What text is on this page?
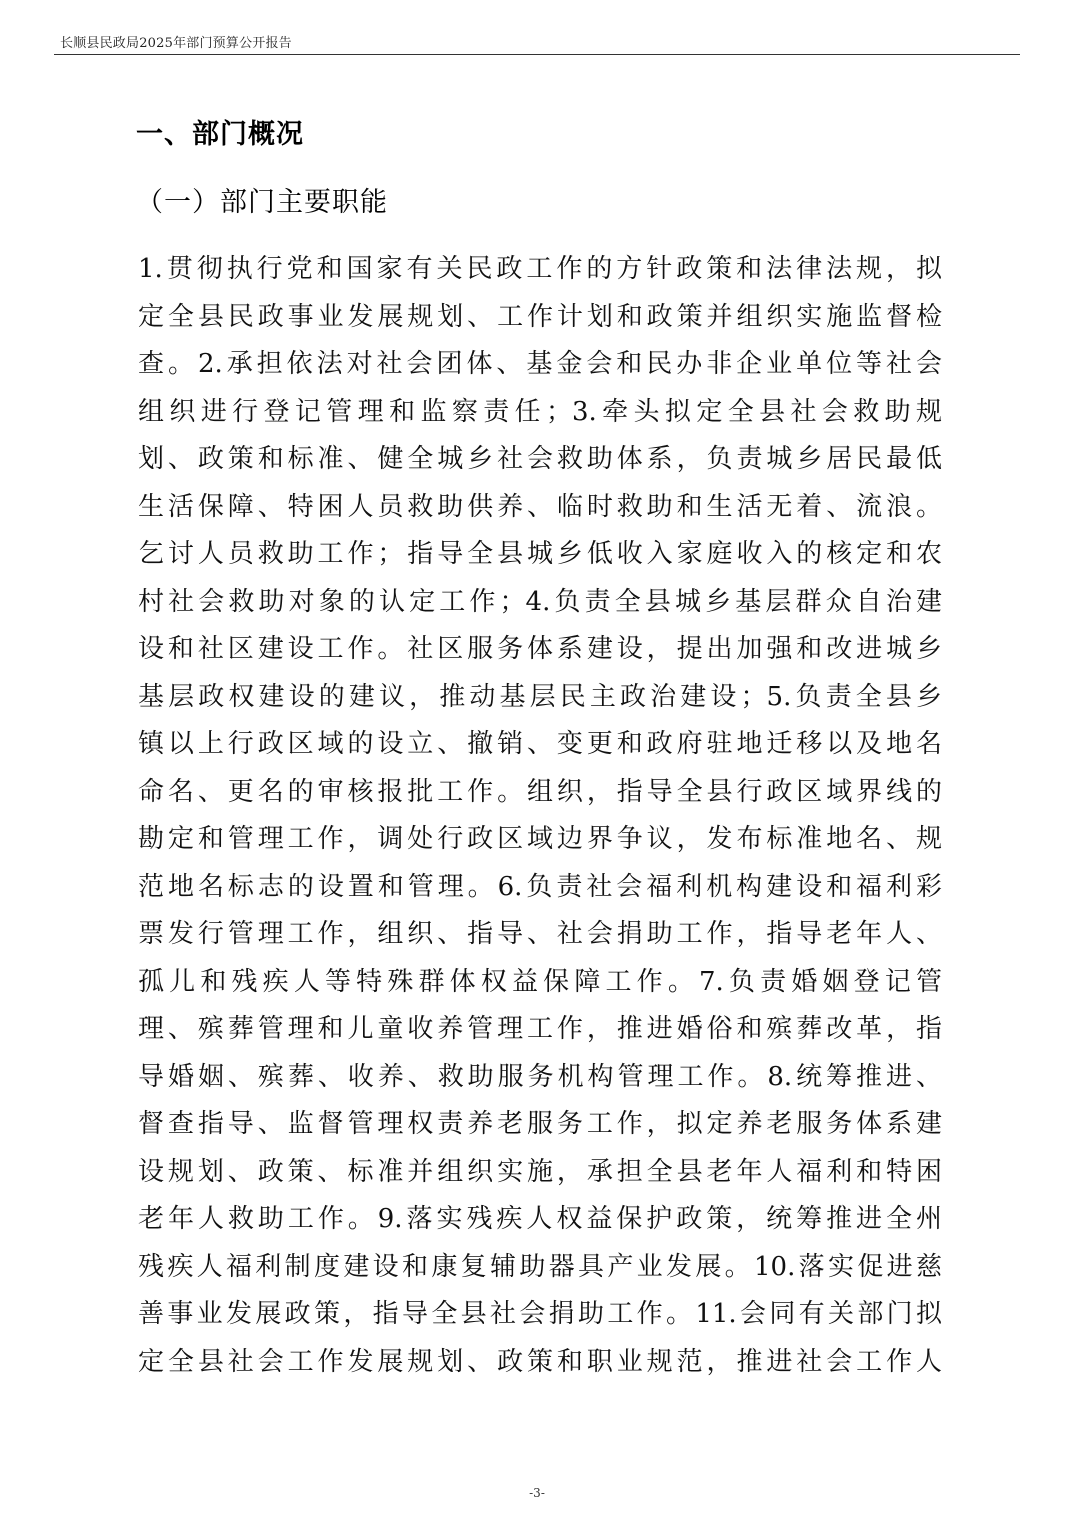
长顺县民政局2025年部门预算公开报告
一、部门概况
（一）部门主要职能
1.贯彻执行党和国家有关民政工作的方针政策和法律法规，拟
定全县民政事业发展规划、工作计划和政策并组织实施监督检
查。2.承担依法对社会团体、基金会和民办非企业单位等社会
组织进行登记管理和监察责任；3.牵头拟定全县社会救助规
划、政策和标准、健全城乡社会救助体系，负责城乡居民最低
生活保障、特困人员救助供养、临时救助和生活无着、流浪。
乞讨人员救助工作；指导全县城乡低收入家庭收入的核定和农
村社会救助对象的认定工作；4.负责全县城乡基层群众自治建
设和社区建设工作。社区服务体系建设，提出加强和改进城乡
基层政权建设的建议，推动基层民主政治建设；5.负责全县乡
镇以上行政区域的设立、撤销、变更和政府驻地迁移以及地名
命名、更名的审核报批工作。组织，指导全县行政区域界线的
勘定和管理工作，调处行政区域边界争议，发布标准地名、规
范地名标志的设置和管理。6.负责社会福利机构建设和福利彩
票发行管理工作，组织、指导、社会捐助工作，指导老年人、
孤儿和残疾人等特殊群体权益保障工作。7.负责婚姻登记管
理、殡葬管理和儿童收养管理工作，推进婚俗和殡葬改革，指
导婚姻、殡葬、收养、救助服务机构管理工作。8.统筹推进、
督查指导、监督管理权责养老服务工作，拟定养老服务体系建
设规划、政策、标准并组织实施，承担全县老年人福利和特困
老年人救助工作。9.落实残疾人权益保护政策，统筹推进全州
残疾人福利制度建设和康复辅助器具产业发展。10.落实促进慈
善事业发展政策，指导全县社会捐助工作。11.会同有关部门拟
定全县社会工作发展规划、政策和职业规范，推进社会工作人
-3-
